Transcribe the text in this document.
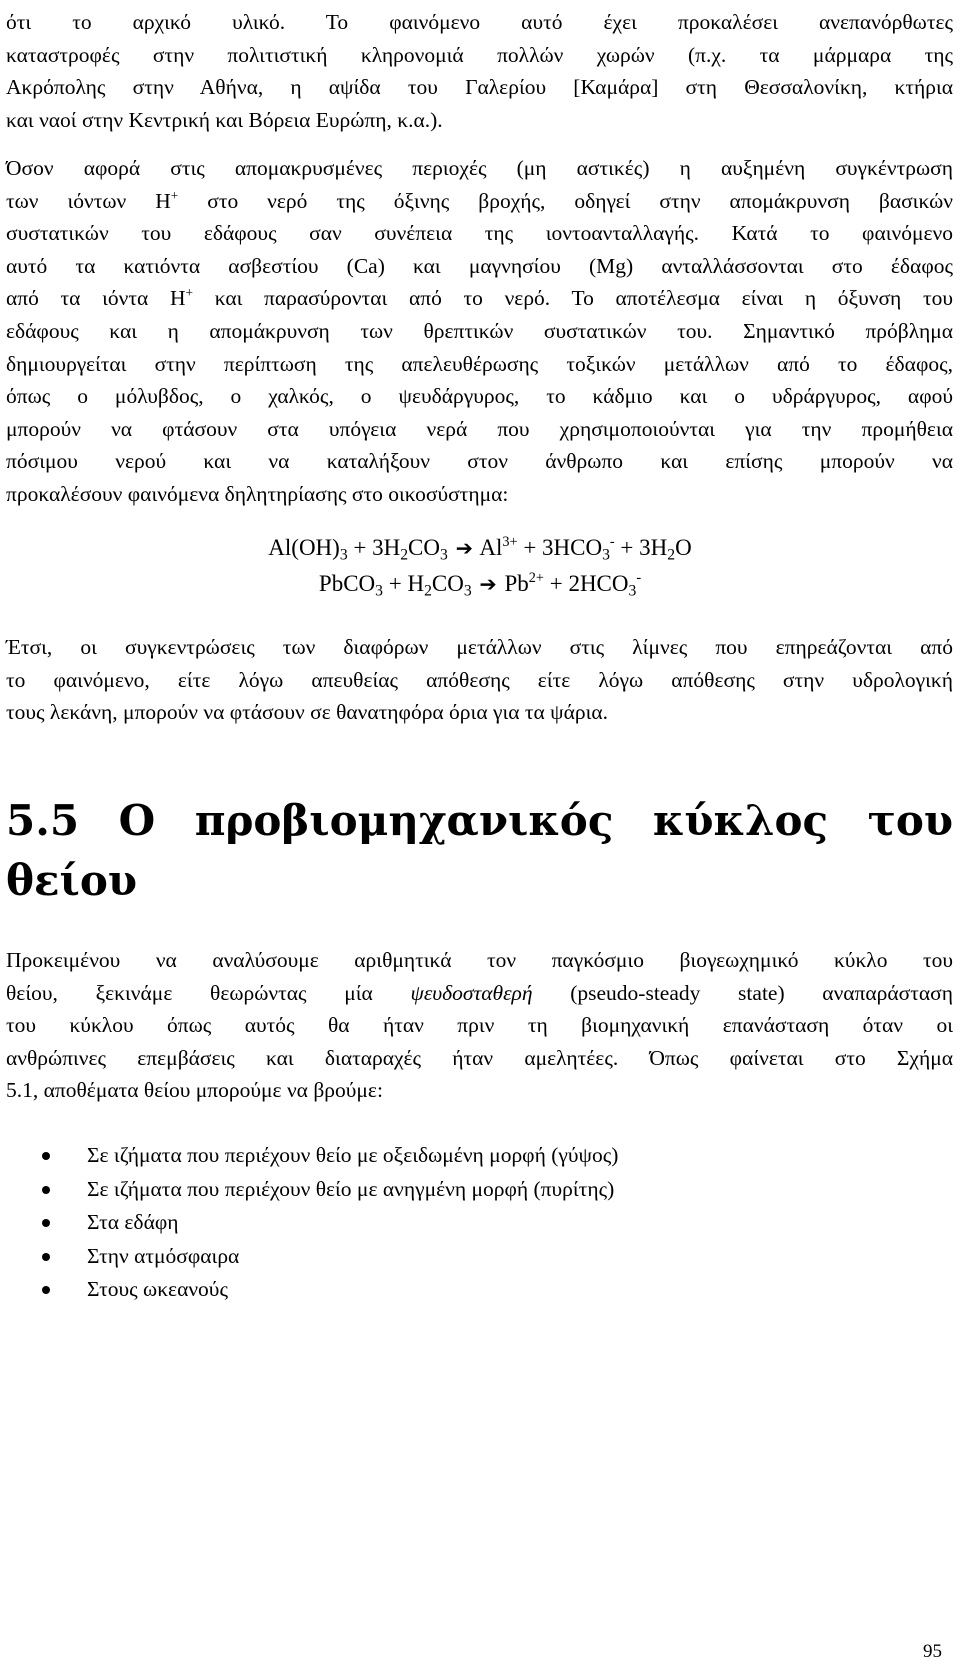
ότι το αρχικό υλικό. Το φαινόμενο αυτό έχει προκαλέσει ανεπανόρθωτες
καταστροφές στην πολιτιστική κληρονομιά πολλών χωρών (π.χ. τα μάρμαρα της
Ακρόπολης στην Αθήνα, η αψίδα του Γαλερίου [Καμάρα] στη Θεσσαλονίκη, κτήρια
και ναοί στην Κεντρική και Βόρεια Ευρώπη, κ.α.).

Όσον αφορά στις απομακρυσμένες περιοχές (μη αστικές) η αυξημένη συγκέντρωση
των ιόντων H+ στο νερό της όξινης βροχής, οδηγεί στην απομάκρυνση βασικών
συστατικών του εδάφους σαν συνέπεια της ιοντοανταλλαγής. Κατά το φαινόμενο
αυτό τα κατιόντα ασβεστίου (Ca) και μαγνησίου (Mg) ανταλλάσσονται στο έδαφος
από τα ιόντα H+ και παρασύρονται από το νερό. Το αποτέλεσμα είναι η όξυνση του
εδάφους και η απομάκρυνση των θρεπτικών συστατικών του. Σημαντικό πρόβλημα
δημιουργείται στην περίπτωση της απελευθέρωσης τοξικών μετάλλων από το έδαφος,
όπως ο μόλυβδος, ο χαλκός, ο ψευδάργυρος, το κάδμιο και ο υδράργυρος, αφού
μπορούν να φτάσουν στα υπόγεια νερά που χρησιμοποιούνται για την προμήθεια
πόσιμου νερού και να καταλήξουν στον άνθρωπο και επίσης μπορούν να
προκαλέσουν φαινόμενα δηλητηρίασης στο οικοσύστημα:

$Al(OH)_3 + 3H_2CO_3$ ➔ $Al^{3+} + 3HCO_3^- + 3H_2O$
PbCO$_3$ + $H_2CO_3$ ➔ $Pb^{2+} + 2HCO_3^-$

Έτσι, οι συγκεντρώσεις των διαφόρων μετάλλων στις λίμνες που επηρεάζονται από
το φαινόμενο, είτε λόγω απευθείας απόθεσης είτε λόγω απόθεσης στην υδρολογική
τους λεκάνη, μπορούν να φτάσουν σε θανατηφόρα όρια για τα ψάρια.

5.5 Ο προβιομηχανικός κύκλος του
θείου

Προκειμένου να αναλύσουμε αριθμητικά τον παγκόσμιο βιογεωχημικό κύκλο του
θείου, ξεκινάμε θεωρώντας μία ψευδοσταθερή (pseudo-steady state) αναπαράσταση
του κύκλου όπως αυτός θα ήταν πριν τη βιομηχανική επανάσταση όταν οι
ανθρώπινες επεμβάσεις και διαταραχές ήταν αμελητέες. Όπως φαίνεται στο Σχήμα
5.1, αποθέματα θείου μπορούμε να βρούμε:

Σε ιζήματα που περιέχουν θείο με οξειδωμένη μορφή (γύψος)
Σε ιζήματα που περιέχουν θείο με ανηγμένη μορφή (πυρίτης)
Στα εδάφη
Στην ατμόσφαιρα
Στους ωκεανούς
95
